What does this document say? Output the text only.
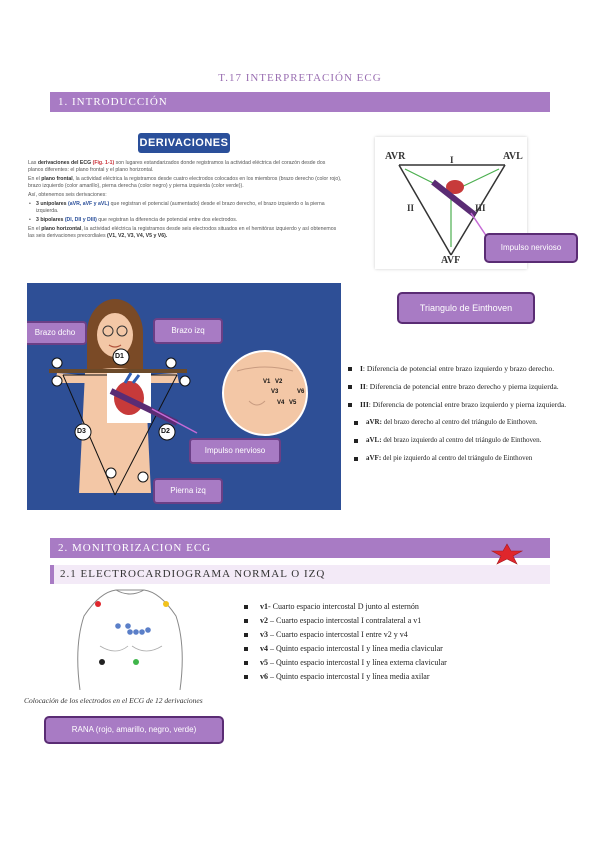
T.17 INTERPRETACIÓN ECG
1. INTRODUCCIÓN
DERIVACIONES
Las derivaciones del ECG (Fig. 1-1) son lugares estandarizados donde registramos la actividad eléctrica del corazón desde dos planos diferentes: el plano frontal y el plano horizontal.
En el plano frontal, la actividad eléctrica la registramos desde cuatro electrodos colocados en los miembros (brazo derecho (color rojo), brazo izquierdo (color amarillo), pierna derecha (color negro) y pierna izquierda (color verde)).
Así, obtenemos seis derivaciones:
• 3 unipolares (aVR, aVF y aVL) que registran el potencial (aumentado) desde el brazo derecho, el brazo izquierdo o la pierna izquierda.
• 3 bipolares (DI, DII y DIII) que registran la diferencia de potencial entre dos electrodos.
En el plano horizontal, la actividad eléctrica la registramos desde seis electrodos situados en el hemitórax izquierdo y así obtenemos las seis derivaciones precordiales (V1, V2, V3, V4, V5 y V6).
D1
D3	D2
V1 V2
V3
V4 V5
V6
Brazo dcho	Brazo izq
Impulso nervioso
Pierna izq
AVR	AVL
AVF
I
II	III
Impulso nervioso
Triangulo de Einthoven
I: Diferencia de potencial entre brazo izquierdo y brazo derecho.
II: Diferencia de potencial entre brazo derecho y pierna izquierda.
III: Diferencia de potencial entre brazo izquierdo y pierna izquierda.
aVR: del brazo derecho al centro del triángulo de Einthoven.
aVL: del brazo izquierdo al centro del triángulo de Einthoven.
aVF: del pie izquierdo al centro del triángulo de Einthoven
2. MONITORIZACION ECG
2.1 ELECTROCARDIOGRAMA NORMAL O IZQ
v1- Cuarto espacio intercostal D junto al esternón
v2 – Cuarto espacio intercostal I contralateral a v1
v3 – Cuarto espacio intercostal I entre v2 y v4
v4 – Quinto espacio intercostal I y línea media clavicular
v5 – Quinto espacio intercostal I y línea externa clavicular
v6 – Quinto espacio intercostal I y línea media axilar
Colocación de los electrodos en el ECG de 12 derivaciones
RANA (rojo, amarillo, negro, verde)
